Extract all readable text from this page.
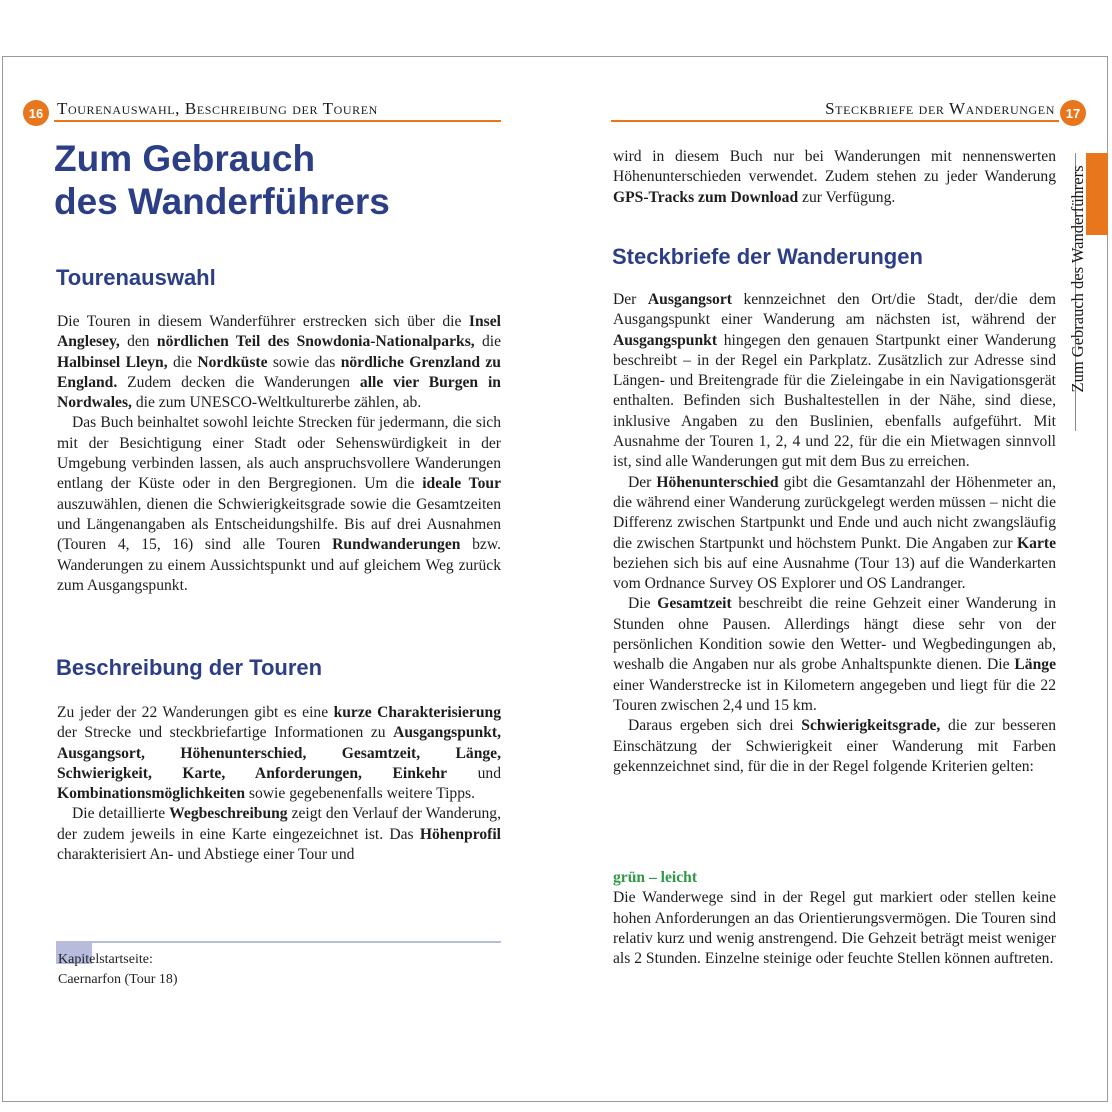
16 Tourenauswahl, Beschreibung der Touren
Zum Gebrauch
des Wanderführers
Tourenauswahl

Die Touren in diesem Wanderführer erstrecken sich über die Insel Anglesey, den nördlichen Teil des Snowdonia-Nationalparks, die Halbinsel Lleyn, die Nordküste sowie das nördliche Grenzland zu England. Zudem decken die Wanderungen alle vier Burgen in Nordwales, die zum UNESCO-Weltkulturerbe zählen, ab.

Das Buch beinhaltet sowohl leichte Strecken für jedermann, die sich mit der Besichtigung einer Stadt oder Sehenswürdigkeit in der Umgebung verbinden lassen, als auch anspruchsvollere Wanderungen entlang der Küste oder in den Bergregionen. Um die ideale Tour auszuwählen, dienen die Schwierigkeitsgrade sowie die Gesamtzeiten und Längenangaben als Entscheidungshilfe. Bis auf drei Ausnahmen (Touren 4, 15, 16) sind alle Touren Rundwanderungen bzw. Wanderungen zu einem Aussichtspunkt und auf gleichem Weg zurück zum Ausgangspunkt.

Beschreibung der Touren

Zu jeder der 22 Wanderungen gibt es eine kurze Charakterisierung der Strecke und steckbriefartige Informationen zu Ausgangspunkt, Ausgangsort, Höhenunterschied, Gesamtzeit, Länge, Schwierigkeit, Karte, Anforderungen, Einkehr und Kombinationsmöglichkeiten sowie gegebenenfalls weitere Tipps.

Die detaillierte Wegbeschreibung zeigt den Verlauf der Wanderung, der zudem jeweils in eine Karte eingezeichnet ist. Das Höhenprofil charakterisiert An- und Abstiege einer Tour und

Kapitelstartseite:
Caernarfon (Tour 18)
Steckbriefe der Wanderungen 17
Zum Gebrauch des Wanderführers

wird in diesem Buch nur bei Wanderungen mit nennenswerten Höhenunterschieden verwendet. Zudem stehen zu jeder Wanderung GPS-Tracks zum Download zur Verfügung.

Steckbriefe der Wanderungen

Der Ausgangsort kennzeichnet den Ort/die Stadt, der/die dem Ausgangspunkt einer Wanderung am nächsten ist, während der Ausgangspunkt hingegen den genauen Startpunkt einer Wanderung beschreibt – in der Regel ein Parkplatz. Zusätzlich zur Adresse sind Längen- und Breitengrade für die Zieleingabe in ein Navigationsgerät enthalten. Befinden sich Bushaltestellen in der Nähe, sind diese, inklusive Angaben zu den Buslinien, ebenfalls aufgeführt. Mit Ausnahme der Touren 1, 2, 4 und 22, für die ein Mietwagen sinnvoll ist, sind alle Wanderungen gut mit dem Bus zu erreichen.

Der Höhenunterschied gibt die Gesamtanzahl der Höhenmeter an, die während einer Wanderung zurückgelegt werden müssen – nicht die Differenz zwischen Startpunkt und Ende und auch nicht zwangsläufig die zwischen Startpunkt und höchstem Punkt. Die Angaben zur Karte beziehen sich bis auf eine Ausnahme (Tour 13) auf die Wanderkarten vom Ordnance Survey OS Explorer und OS Landranger.

Die Gesamtzeit beschreibt die reine Gehzeit einer Wanderung in Stunden ohne Pausen. Allerdings hängt diese sehr von der persönlichen Kondition sowie den Wetter- und Wegbedingungen ab, weshalb die Angaben nur als grobe Anhaltspunkte dienen. Die Länge einer Wanderstrecke ist in Kilometern angegeben und liegt für die 22 Touren zwischen 2,4 und 15 km.

Daraus ergeben sich drei Schwierigkeitsgrade, die zur besseren Einschätzung der Schwierigkeit einer Wanderung mit Farben gekennzeichnet sind, für die in der Regel folgende Kriterien gelten:

grün – leicht

Die Wanderwege sind in der Regel gut markiert oder stellen keine hohen Anforderungen an das Orientierungsvermögen. Die Touren sind relativ kurz und wenig anstrengend. Die Gehzeit beträgt meist weniger als 2 Stunden. Einzelne steinige oder feuchte Stellen können auftreten.
